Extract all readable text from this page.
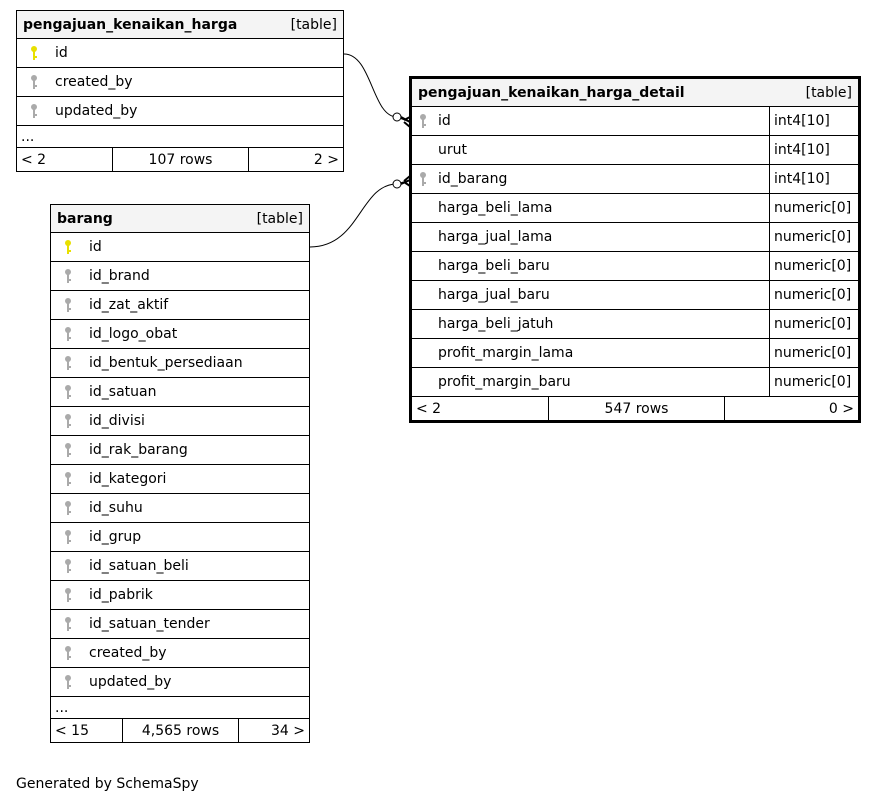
pengajuan_kenaikan_harga	[table]
id
created_by
updated_by
...
< 2	107 rows	2 >
barang	[table]
id
id_brand
id_zat_aktif
id_logo_obat
id_bentuk_persediaan
id_satuan
id_divisi
id_rak_barang
id_kategori
id_suhu
id_grup
id_satuan_beli
id_pabrik
id_satuan_tender
created_by
updated_by
...
< 15	4,565 rows	34 >
pengajuan_kenaikan_harga_detail	[table]
id	int4[10]
urut	int4[10]
id_barang	int4[10]
harga_beli_lama	numeric[0]
harga_jual_lama	numeric[0]
harga_beli_baru	numeric[0]
harga_jual_baru	numeric[0]
harga_beli_jatuh	numeric[0]
profit_margin_lama	numeric[0]
profit_margin_baru	numeric[0]
< 2	547 rows	0 >
Generated by SchemaSpy
